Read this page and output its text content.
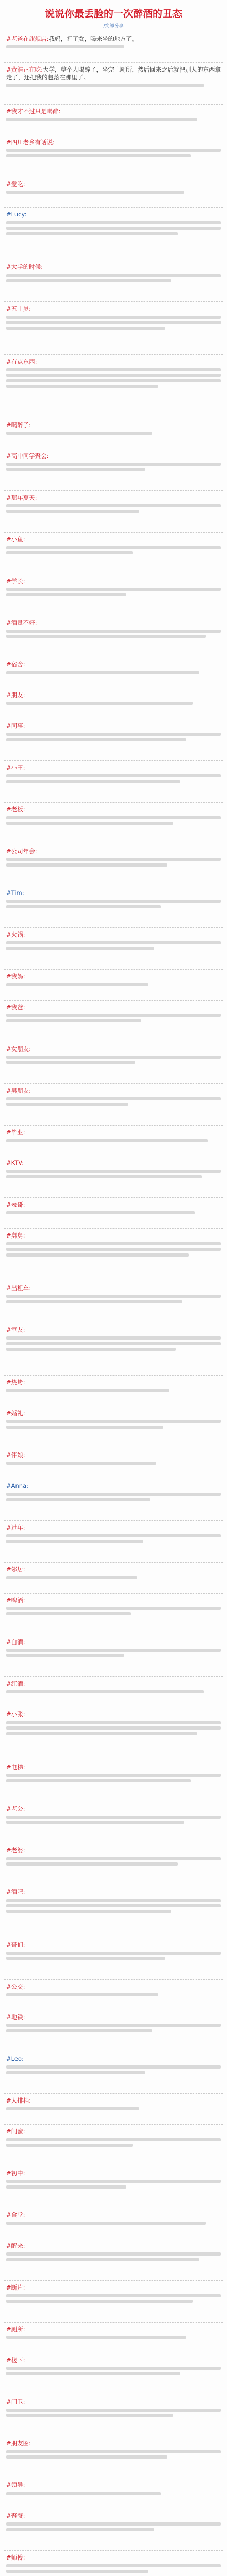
说说你最丢脸的一次醉酒的丑态
/笑熊分享
#老爸在旗舰店:我妈，打了女，喝来坐的地方了。
#黄浩正在吃:大学，整个人喝醉了，坐完上厕所，然后回来之后就把别人的东西拿走了，还把我的包落在那里了。
#我才不过只是喝醉:
#四川老乡有话说:
#爱吃:
#Lucy:
#大学的时候:
#五十岁:
#有点东西:
#喝醉了:
#高中同学聚会:
#那年夏天:
#小鱼:
#学长:
#酒量不好:
#宿舍:
#朋友:
#同事:
#小王:
#老板:
#公司年会:
#Tim:
#火锅:
#我妈:
#我爸:
#女朋友:
#男朋友:
#毕业:
#KTV:
#表哥:
#舅舅:
#出租车:
#室友:
#烧烤:
#婚礼:
#伴娘:
#Anna:
#过年:
#邻居:
#啤酒:
#白酒:
#红酒:
#小张:
#电梯:
#老公:
#老婆:
#酒吧:
#哥们:
#公交:
#地铁:
#Leo:
#大排档:
#闺蜜:
#初中:
#食堂:
#醒来:
#断片:
#厕所:
#楼下:
#门卫:
#朋友圈:
#领导:
#聚餐:
#师傅:
